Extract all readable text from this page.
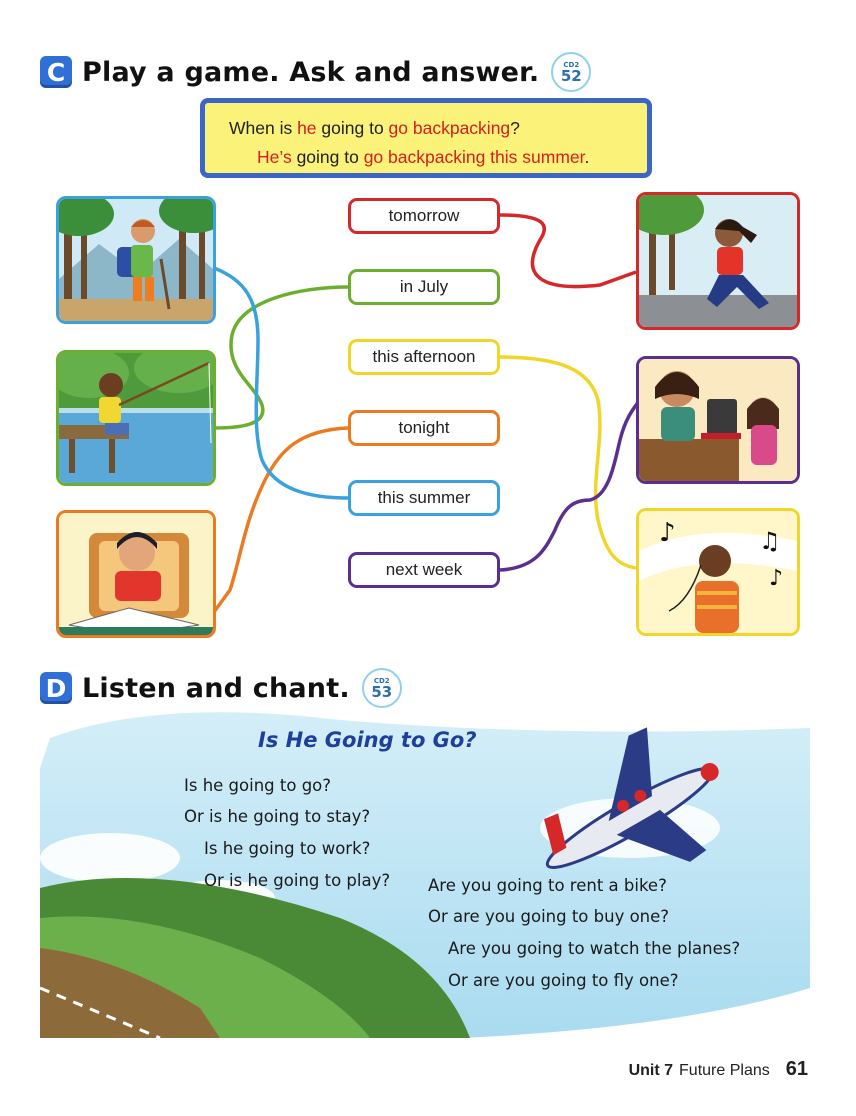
C Play a game. Ask and answer.	CD2
52
When is he going to go backpacking?
He’s going to go backpacking this summer.
♪	♫
♪
tomorrow
in July
this afternoon
tonight
this summer
next week
D Listen and chant.	CD2
53
Is He Going to Go?
Is he going to go?
Or is he going to stay?
Is he going to work?
Or is he going to play? Are you going to rent a bike?
Or are you going to buy one?
Are you going to watch the planes?
Or are you going to fly one?
Unit 7 Future Plans 61
